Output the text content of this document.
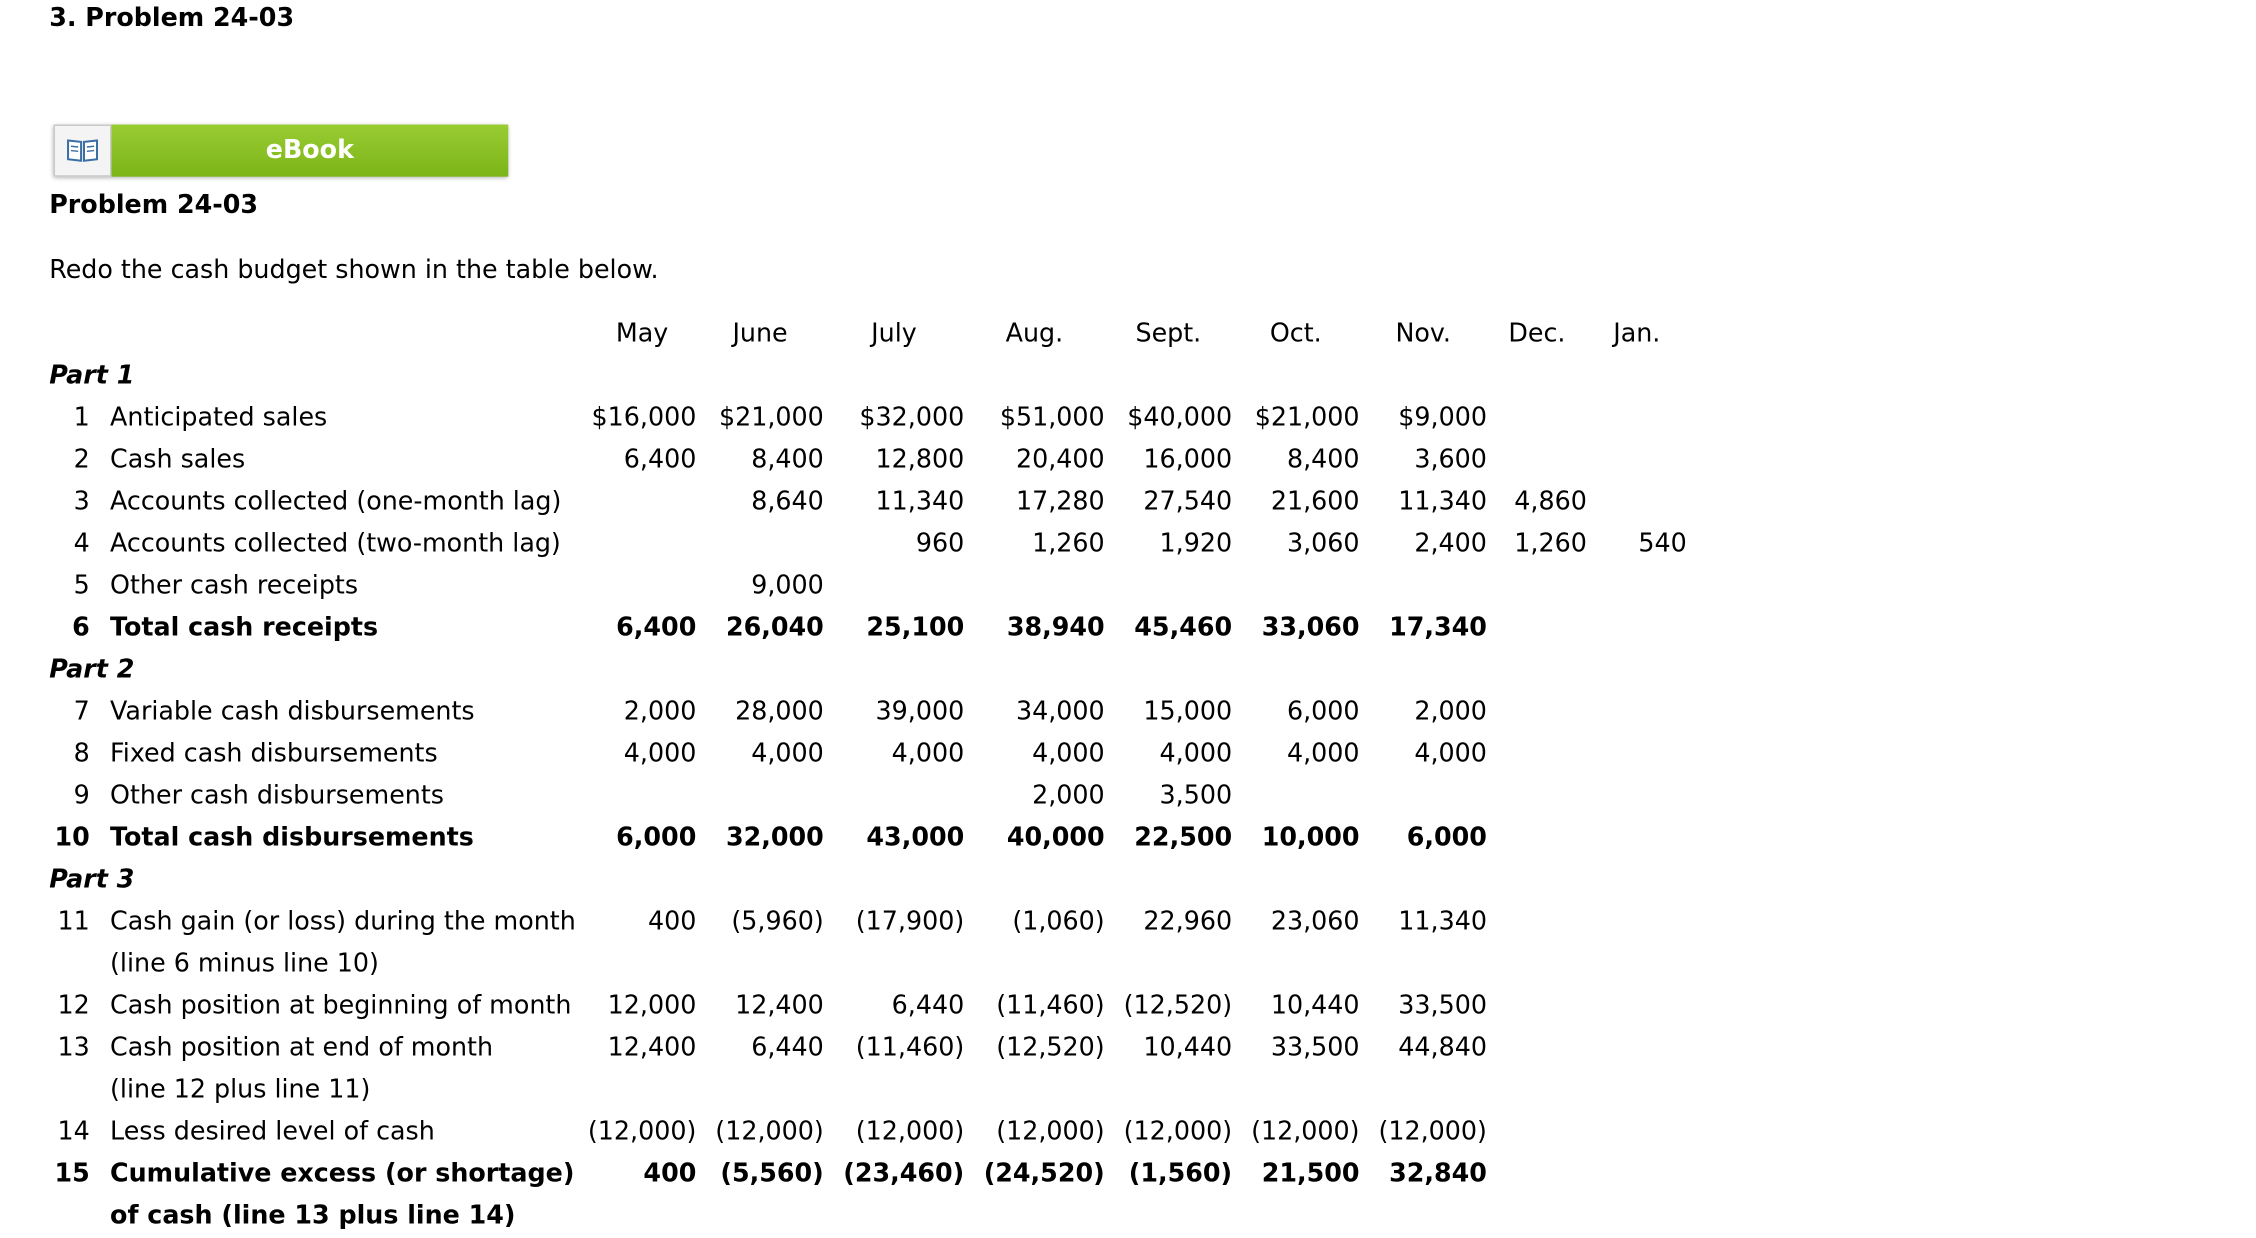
3. Problem 24-03
eBook
Problem 24-03
Redo the cash budget shown in the table below.
		May	June	July	Aug.	Sept.	Oct.	Nov.	Dec.	Jan.
Part 1										
1	Anticipated sales	$16,000	$21,000	$32,000	$51,000	$40,000	$21,000	$9,000		
2	Cash sales	6,400	8,400	12,800	20,400	16,000	8,400	3,600		
3	Accounts collected (one-month lag)		8,640	11,340	17,280	27,540	21,600	11,340	4,860	
4	Accounts collected (two-month lag)			960	1,260	1,920	3,060	2,400	1,260	540
5	Other cash receipts		9,000							
6	Total cash receipts	6,400	26,040	25,100	38,940	45,460	33,060	17,340		
Part 2										
7	Variable cash disbursements	2,000	28,000	39,000	34,000	15,000	6,000	2,000		
8	Fixed cash disbursements	4,000	4,000	4,000	4,000	4,000	4,000	4,000		
9	Other cash disbursements				2,000	3,500				
10	Total cash disbursements	6,000	32,000	43,000	40,000	22,500	10,000	6,000		
Part 3										
11	Cash gain (or loss) during the month	400	(5,960)	(17,900)	(1,060)	22,960	23,060	11,340		
	(line 6 minus line 10)									
12	Cash position at beginning of month	12,000	12,400	6,440	(11,460)	(12,520)	10,440	33,500		
13	Cash position at end of month	12,400	6,440	(11,460)	(12,520)	10,440	33,500	44,840		
	(line 12 plus line 11)									
14	Less desired level of cash	(12,000)	(12,000)	(12,000)	(12,000)	(12,000)	(12,000)	(12,000)		
15	Cumulative excess (or shortage)	400	(5,560)	(23,460)	(24,520)	(1,560)	21,500	32,840		
	of cash (line 13 plus line 14)									
